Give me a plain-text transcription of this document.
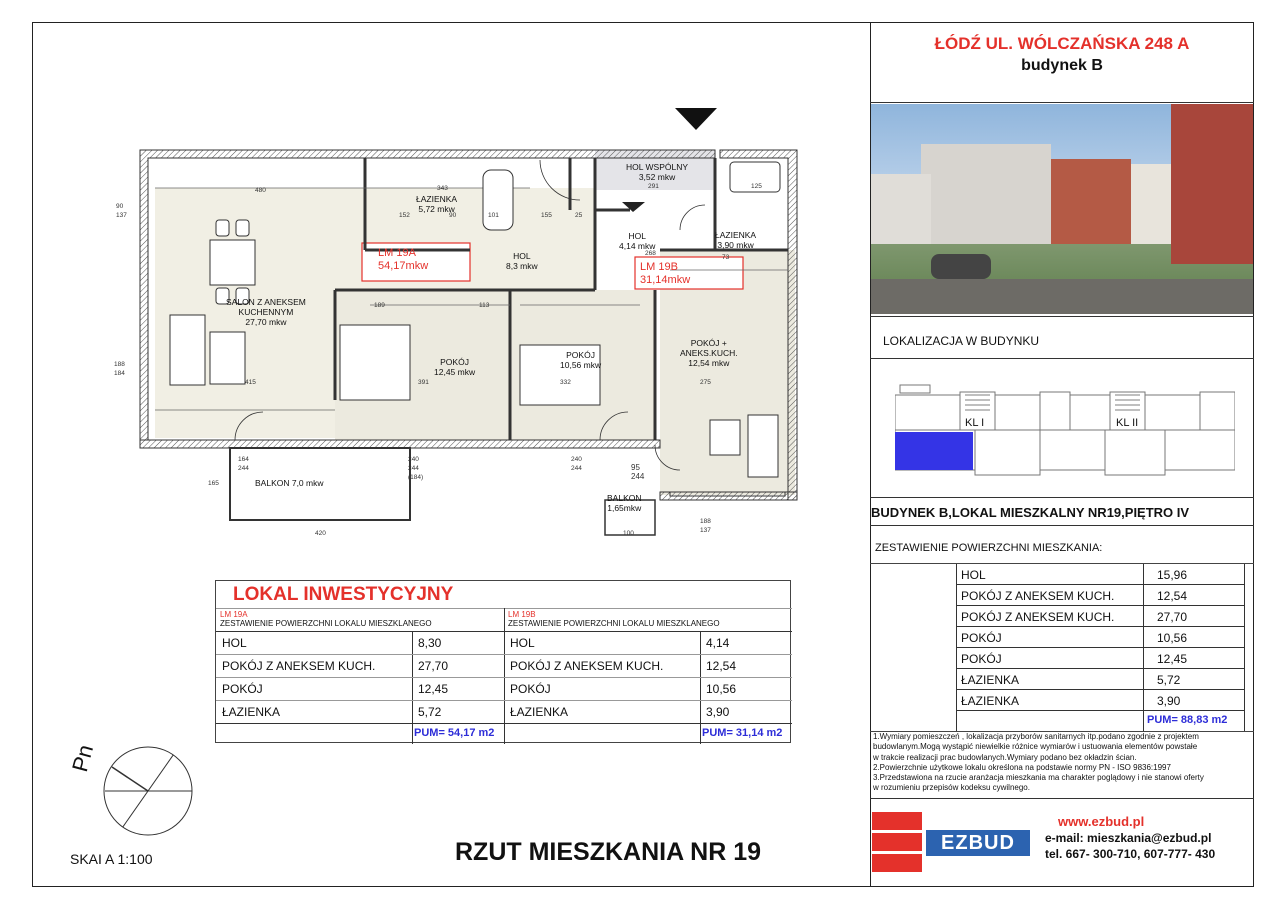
HOL WSPÓLNY
3,52 mkw
ŁAZIENKA
5,72 mkw
HOL
8,3 mkw
HOL
4,14 mkw
ŁAZIENKA
3,90 mkw
SALON Z ANEKSEM
KUCHENNYM
27,70 mkw
POKÓJ
12,45 mkw
POKÓJ
10,56 mkw
POKÓJ +
ANEKS.KUCH.
12,54 mkw
BALKON 7,0 mkw
BALKON
1,65mkw
LM 19A
54,17mkw	LM 19B
31,14mkw
90
137
188
184
480	343
155	25
291	125
268
73
90	101
152
189	113
415	391	332	275
164
244
165
240
244
(184)
240
244	95
244
420	100
188
137
ŁÓDŹ UL. WÓLCZAŃSKA 248 A
budynek B
LOKALIZACJA W BUDYNKU
KL I	KL II
BUDYNEK B,LOKAL MIESZKALNY NR19,PIĘTRO IV
ZESTAWIENIE POWIERZCHNI MIESZKANIA:
HOL	15,96
POKÓJ Z ANEKSEM KUCH.	12,54
POKÓJ Z ANEKSEM KUCH.	27,70
POKÓJ	10,56
POKÓJ	12,45
ŁAZIENKA	5,72
ŁAZIENKA	3,90
PUM= 88,83 m2
1.Wymiary pomieszczeń , lokalizacja przyborów sanitarnych itp.podano zgodnie z projektem
budowlanym.Mogą wystąpić niewielkie różnice wymiarów i ustuowania elementów powstałe
w trakcie realizacji prac budowlanych.Wymiary podano bez okładzin ścian.
2.Powierzchnie użytkowe lokalu określona na podstawie normy PN - ISO 9836:1997
3.Przedstawiona na rzucie aranżacja mieszkania ma charakter poglądowy i nie stanowi oferty
w rozumieniu przepisów kodeksu cywilnego.
EZBUD
www.ezbud.pl
e-mail: mieszkania@ezbud.pl
tel. 667- 300-710, 607-777- 430
LOKAL INWESTYCYJNY
LM 19A
ZESTAWIENIE POWIERZCHNI LOKALU MIESZKLANEGO
LM 19B
ZESTAWIENIE POWIERZCHNI LOKALU MIESZKLANEGO
HOL	8,30
POKÓJ Z ANEKSEM KUCH.	27,70
POKÓJ	12,45
ŁAZIENKA	5,72
HOL	4,14
POKÓJ Z ANEKSEM KUCH.	12,54
POKÓJ	10,56
ŁAZIENKA	3,90
PUM= 54,17 m2	PUM= 31,14 m2
Pn
SKAI A 1:100	RZUT MIESZKANIA NR 19
